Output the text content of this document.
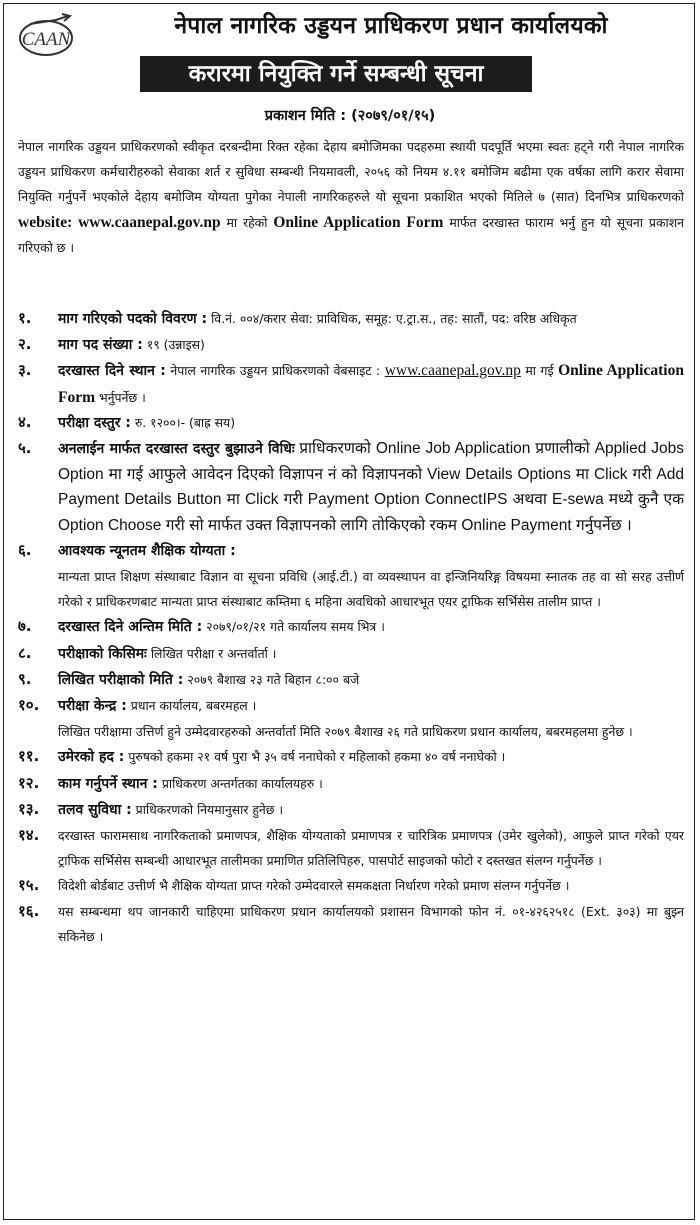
CAAN
नेपाल नागरिक उड्डयन प्राधिकरण प्रधान कार्यालयको
करारमा नियुक्ति गर्ने सम्बन्धी सूचना
प्रकाशन मिति : (२०७९/०१/१५)
नेपाल नागरिक उड्डयन प्राधिकरणको स्वीकृत दरबन्दीमा रिक्त रहेका देहाय बमोजिमका पदहरुमा स्थायी पदपूर्ति भएमा स्वतः हट्ने गरी नेपाल नागरिक उड्डयन प्राधिकरण कर्मचारीहरुको सेवाका शर्त र सुविधा सम्बन्धी नियमावली, २०५६ को नियम ४.११ बमोजिम बढीमा एक वर्षका लागि करार सेवामा नियुक्ति गर्नुपर्ने भएकोले देहाय बमोजिम योग्यता पुगेका नेपाली नागरिकहरुले यो सूचना प्रकाशित भएको मितिले ७ (सात) दिनभित्र प्राधिकरणको website: www.caanepal.gov.np मा रहेको Online Application Form मार्फत दरखास्त फाराम भर्नु हुन यो सूचना प्रकाशन गरिएको छ ।
१.	माग गरिएको पदको विवरण : वि.नं. ००४/करार सेवा: प्राविधिक, समूह: ए.ट्रा.स., तह: सातौं, पद: वरिष्ठ अधिकृत
२.	माग पद संख्या : १९ (उन्नाइस)
३.	दरखास्त दिने स्थान : नेपाल नागरिक उड्डयन प्राधिकरणको वेबसाइट : www.caanepal.gov.np मा गई Online Application Form भर्नुपर्नेछ ।
४.	परीक्षा दस्तुर : रु. १२००।- (बाह्र सय)
५.	अनलाईन मार्फत दरखास्त दस्तुर बुझाउने विधिः प्राधिकरणको Online Job Application प्रणालीको Applied Jobs Option मा गई आफुले आवेदन दिएको विज्ञापन नं को विज्ञापनको View Details Options मा Click गरी Add Payment Details Button मा Click गरी Payment Option ConnectIPS अथवा E-sewa मध्ये कुनै एक Option Choose गरी सो मार्फत उक्त विज्ञापनको लागि तोकिएको रकम Online Payment गर्नुपर्नेछ ।
६.	आवश्यक न्यूनतम शैक्षिक योग्यता :
मान्यता प्राप्त शिक्षण संस्थाबाट विज्ञान वा सूचना प्रविधि (आई.टी.) वा व्यवस्थापन वा इन्जिनियरिङ्ग विषयमा स्नातक तह वा सो सरह उत्तीर्ण गरेको र प्राधिकरणबाट मान्यता प्राप्त संस्थाबाट कम्तिमा ६ महिना अवधिको आधारभूत एयर ट्राफिक सर्भिसेस तालीम प्राप्त ।
७.	दरखास्त दिने अन्तिम मिति : २०७९/०१/२१ गते कार्यालय समय भित्र ।
८.	परीक्षाको किसिमः लिखित परीक्षा र अन्तर्वार्ता ।
९.	लिखित परीक्षाको मिति : २०७९ बैशाख २३ गते बिहान ८:०० बजे
१०.	परीक्षा केन्द्र : प्रधान कार्यालय, बबरमहल ।
लिखित परीक्षामा उत्तिर्ण हुने उम्मेदवारहरुको अन्तर्वार्ता मिति २०७९ बैशाख २६ गते प्राधिकरण प्रधान कार्यालय, बबरमहलमा हुनेछ ।
११.	उमेरको हद : पुरुषको हकमा २१ वर्ष पुरा भै ३५ वर्ष ननाघेको र महिलाको हकमा ४० वर्ष ननाघेको ।
१२.	काम गर्नुपर्ने स्थान : प्राधिकरण अन्तर्गतका कार्यालयहरु ।
१३.	तलव सुविधा : प्राधिकरणको नियमानुसार हुनेछ ।
१४.	दरखास्त फारामसाथ नागरिकताको प्रमाणपत्र, शैक्षिक योग्यताको प्रमाणपत्र र चारित्रिक प्रमाणपत्र (उमेर खुलेको), आफुले प्राप्त गरेको एयर ट्राफिक सर्भिसेस सम्बन्धी आधारभूत तालीमका प्रमाणित प्रतिलिपिहरु, पासपोर्ट साइजको फोटो र दस्तखत संलग्न गर्नुपर्नेछ ।
१५.	विदेशी बोर्डबाट उत्तीर्ण भै शैक्षिक योग्यता प्राप्त गरेको उम्मेदवारले समकक्षता निर्धारण गरेको प्रमाण संलग्न गर्नुपर्नेछ ।
१६.	यस सम्बन्धमा थप जानकारी चाहिएमा प्राधिकरण प्रधान कार्यालयको प्रशासन विभागको फोन नं. ०१-४२६२५१८ (Ext. ३०३) मा बुझ्न सकिनेछ ।
